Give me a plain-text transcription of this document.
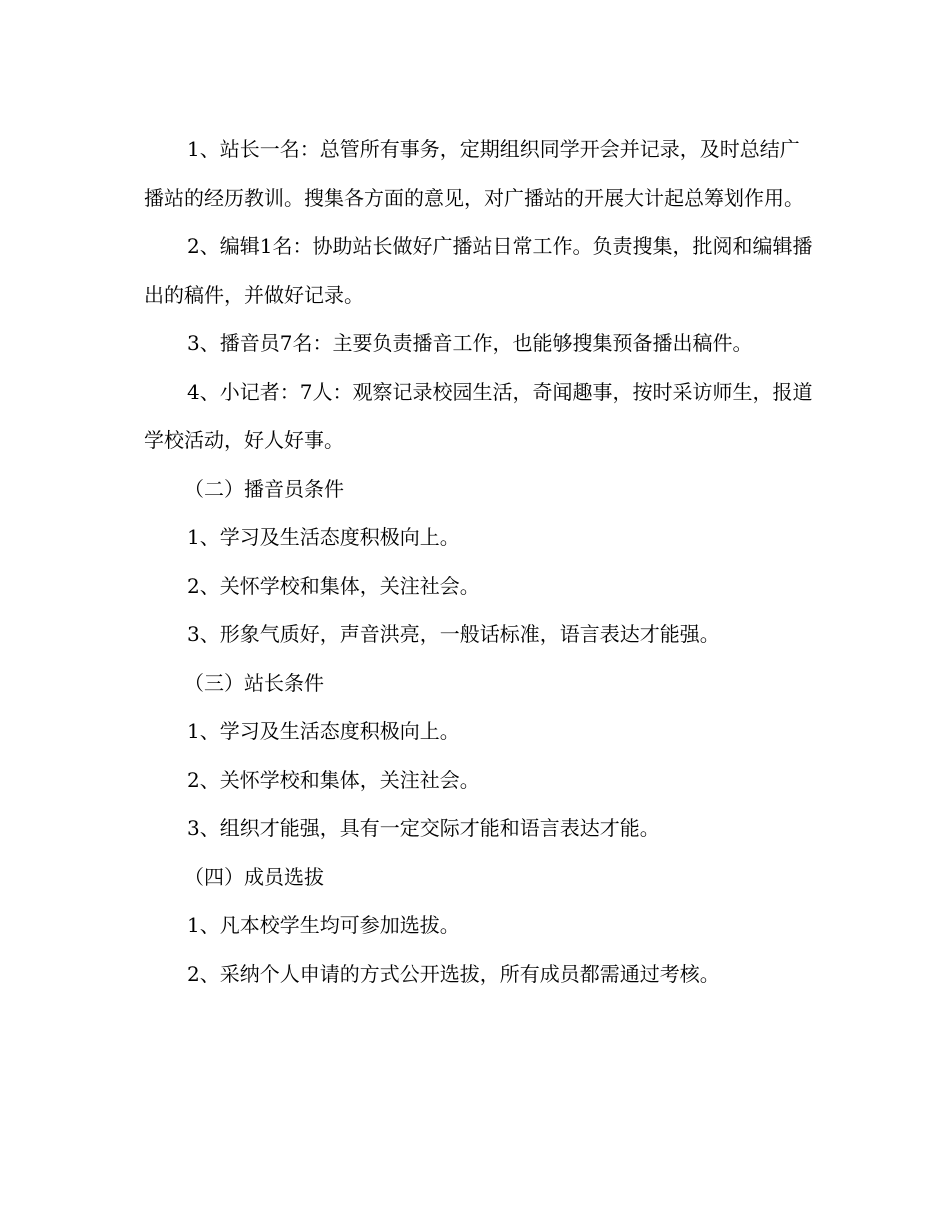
1、站长一名：总管所有事务，定期组织同学开会并记录，及时总结广播站的经历教训。搜集各方面的意见，对广播站的开展大计起总筹划作用。

2、编辑1名：协助站长做好广播站日常工作。负责搜集，批阅和编辑播出的稿件，并做好记录。

3、播音员7名：主要负责播音工作，也能够搜集预备播出稿件。

4、小记者：7人：观察记录校园生活，奇闻趣事，按时采访师生，报道学校活动，好人好事。

（二）播音员条件

1、学习及生活态度积极向上。

2、关怀学校和集体，关注社会。

3、形象气质好，声音洪亮，一般话标准，语言表达才能强。

（三）站长条件

1、学习及生活态度积极向上。

2、关怀学校和集体，关注社会。

3、组织才能强，具有一定交际才能和语言表达才能。

（四）成员选拔

1、凡本校学生均可参加选拔。

2、采纳个人申请的方式公开选拔，所有成员都需通过考核。
